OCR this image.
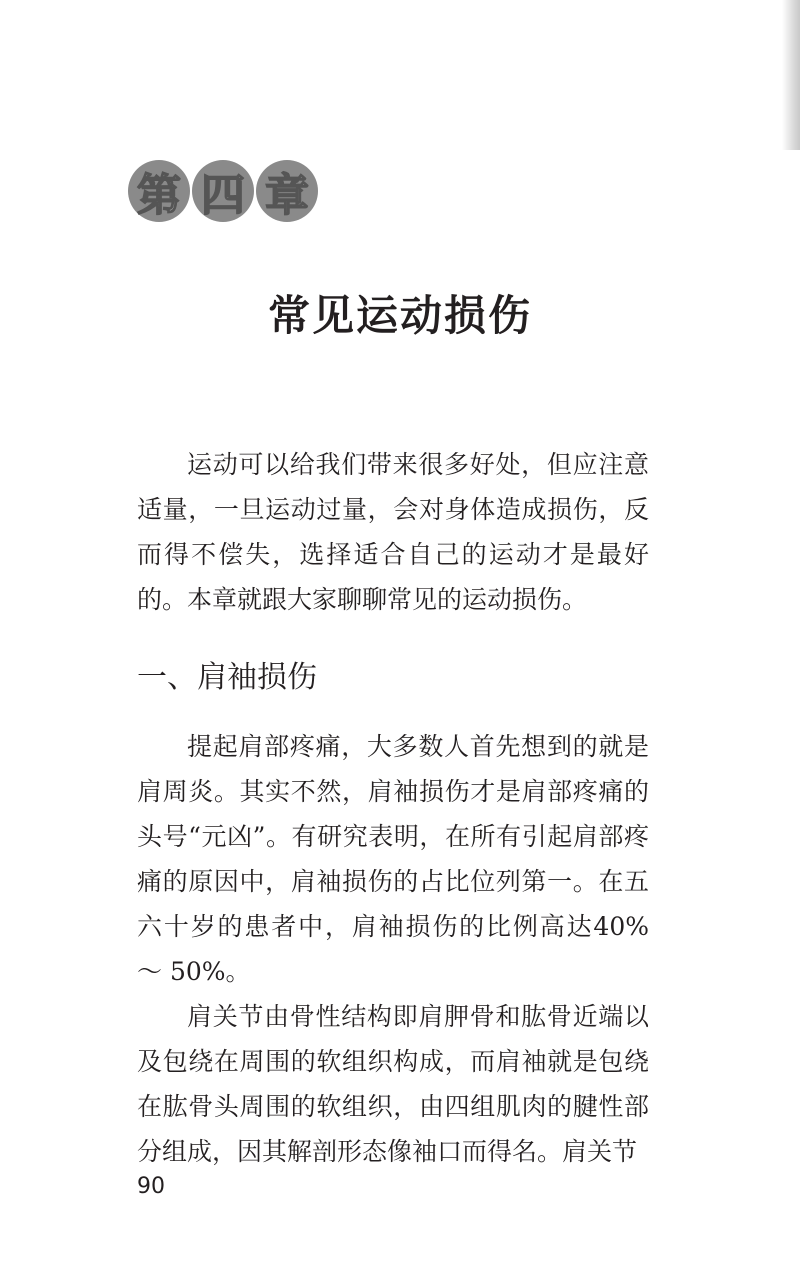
第 四 章
常见运动损伤

运动可以给我们带来很多好处，但应注意适量，一旦运动过量，会对身体造成损伤，反而得不偿失，选择适合自己的运动才是最好的。本章就跟大家聊聊常见的运动损伤。

一、肩袖损伤

提起肩部疼痛，大多数人首先想到的就是肩周炎。其实不然，肩袖损伤才是肩部疼痛的头号“元凶”。有研究表明，在所有引起肩部疼痛的原因中，肩袖损伤的占比位列第一。在五六十岁的患者中，肩袖损伤的比例高达40% ～ 50%。

肩关节由骨性结构即肩胛骨和肱骨近端以及包绕在周围的软组织构成，而肩袖就是包绕在肱骨头周围的软组织，由四组肌肉的腱性部分组成，因其解剖形态像袖口而得名。肩关节

90
